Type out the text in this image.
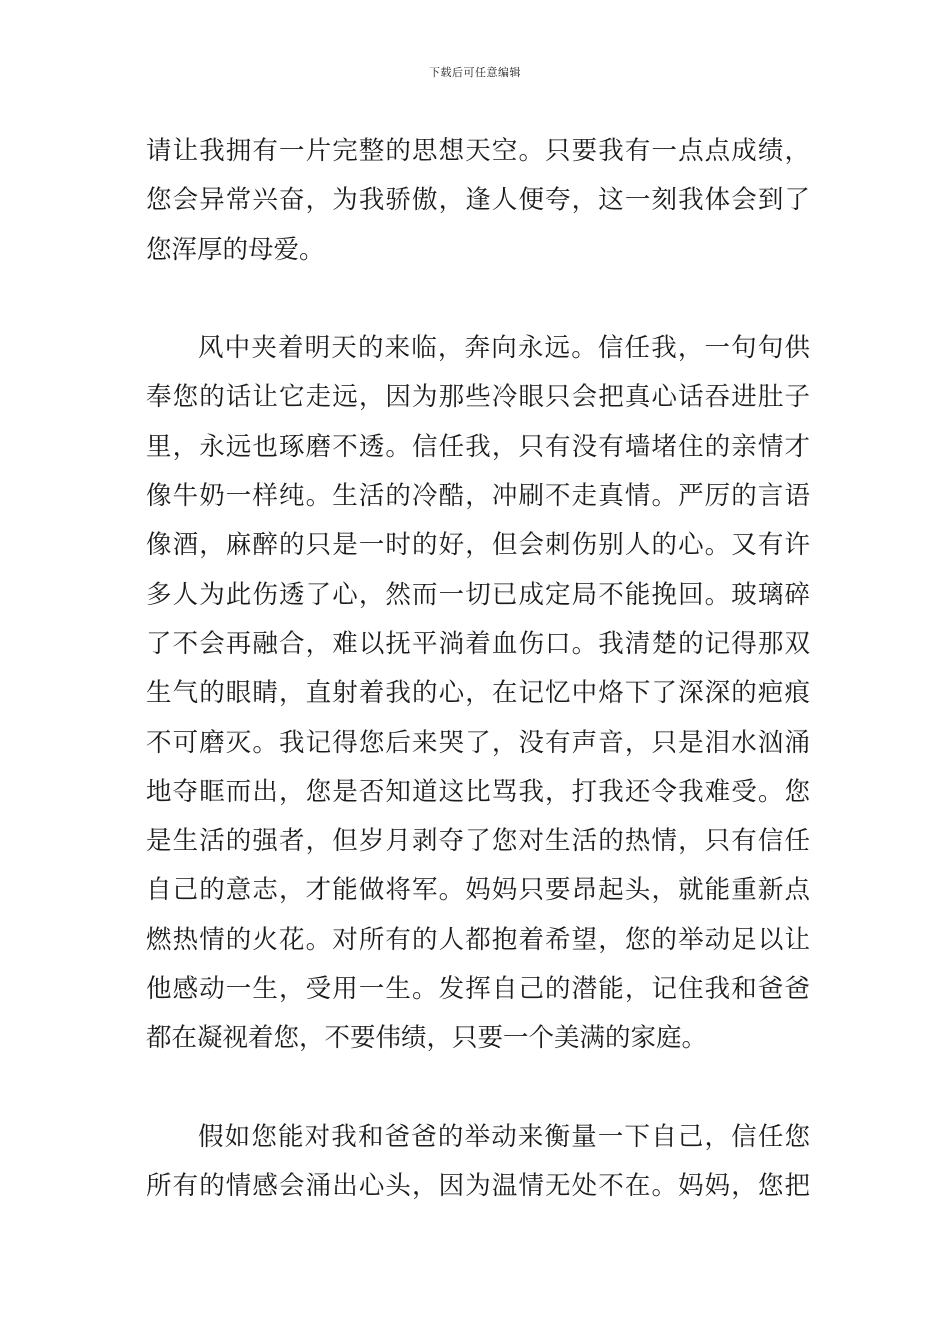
下载后可任意编辑
请让我拥有一片完整的思想天空。只要我有一点点成绩，
您会异常兴奋，为我骄傲，逢人便夸，这一刻我体会到了
您浑厚的母爱。
风中夹着明天的来临，奔向永远。信任我，一句句供
奉您的话让它走远，因为那些冷眼只会把真心话吞进肚子
里，永远也琢磨不透。信任我，只有没有墙堵住的亲情才
像牛奶一样纯。生活的冷酷，冲刷不走真情。严厉的言语
像酒，麻醉的只是一时的好，但会刺伤别人的心。又有许
多人为此伤透了心，然而一切已成定局不能挽回。玻璃碎
了不会再融合，难以抚平淌着血伤口。我清楚的记得那双
生气的眼睛，直射着我的心，在记忆中烙下了深深的疤痕
不可磨灭。我记得您后来哭了，没有声音，只是泪水汹涌
地夺眶而出，您是否知道这比骂我，打我还令我难受。您
是生活的强者，但岁月剥夺了您对生活的热情，只有信任
自己的意志，才能做将军。妈妈只要昂起头，就能重新点
燃热情的火花。对所有的人都抱着希望，您的举动足以让
他感动一生，受用一生。发挥自己的潜能，记住我和爸爸
都在凝视着您，不要伟绩，只要一个美满的家庭。
假如您能对我和爸爸的举动来衡量一下自己，信任您
所有的情感会涌出心头，因为温情无处不在。妈妈，您把
